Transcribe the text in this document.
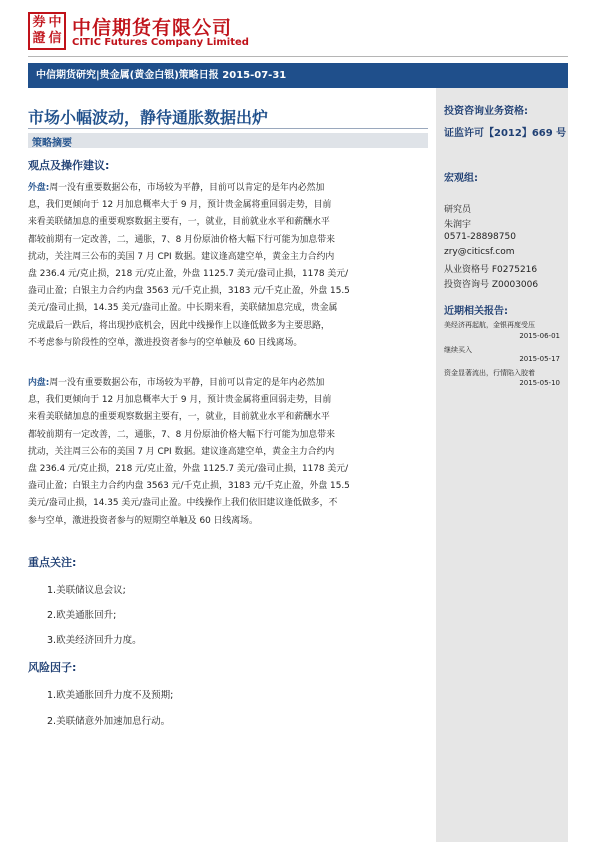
券 中
證 信 中信期货有限公司
CITIC Futures Company Limited
中信期货研究|贵金属(黄金白银)策略日报 2015-07-31
投资咨询业务资格:
证监许可【2012】669 号
宏观组:
研究员
朱润宇
0571-28898750
zry@citicsf.com
从业资格号 F0275216
投资咨询号 Z0003006
近期相关报告:
美经济再起航，金银再度受压
2015-06-01
继续买入
2015-05-17
资金显著流出，行情陷入胶着
2015-05-10
市场小幅波动，静待通胀数据出炉
策略摘要
观点及操作建议:
外盘:周一没有重要数据公布，市场较为平静，目前可以肯定的是年内必然加
息，我们更倾向于 12 月加息概率大于 9 月，预计贵金属将重回弱走势，目前
来看美联储加息的重要观察数据主要有，一，就业，目前就业水平和薪酬水平
都较前期有一定改善，二，通胀，7、8 月份原油价格大幅下行可能为加息带来
扰动，关注周三公布的美国 7 月 CPI 数据。建议逢高建空单，黄金主力合约内
盘 236.4 元/克止损，218 元/克止盈，外盘 1125.7 美元/盎司止损，1178 美元/
盎司止盈；白银主力合约内盘 3563 元/千克止损，3183 元/千克止盈，外盘 15.5
美元/盎司止损，14.35 美元/盎司止盈。中长期来看，美联储加息完成，贵金属
完成最后一跌后，将出现抄底机会，因此中线操作上以逢低做多为主要思路，
不考虑参与阶段性的空单，激进投资者参与的空单触及 60 日线离场。
内盘:周一没有重要数据公布，市场较为平静，目前可以肯定的是年内必然加
息，我们更倾向于 12 月加息概率大于 9 月，预计贵金属将重回弱走势，目前
来看美联储加息的重要观察数据主要有，一，就业，目前就业水平和薪酬水平
都较前期有一定改善，二，通胀，7、8 月份原油价格大幅下行可能为加息带来
扰动，关注周三公布的美国 7 月 CPI 数据。建议逢高建空单，黄金主力合约内
盘 236.4 元/克止损，218 元/克止盈，外盘 1125.7 美元/盎司止损，1178 美元/
盎司止盈；白银主力合约内盘 3563 元/千克止损，3183 元/千克止盈，外盘 15.5
美元/盎司止损，14.35 美元/盎司止盈。中线操作上我们依旧建议逢低做多，不
参与空单，激进投资者参与的短期空单触及 60 日线离场。
重点关注:
1.美联储议息会议;
2.欧美通胀回升;
3.欧美经济回升力度。
风险因子:
1.欧美通胀回升力度不及预期;
2.美联储意外加速加息行动。
